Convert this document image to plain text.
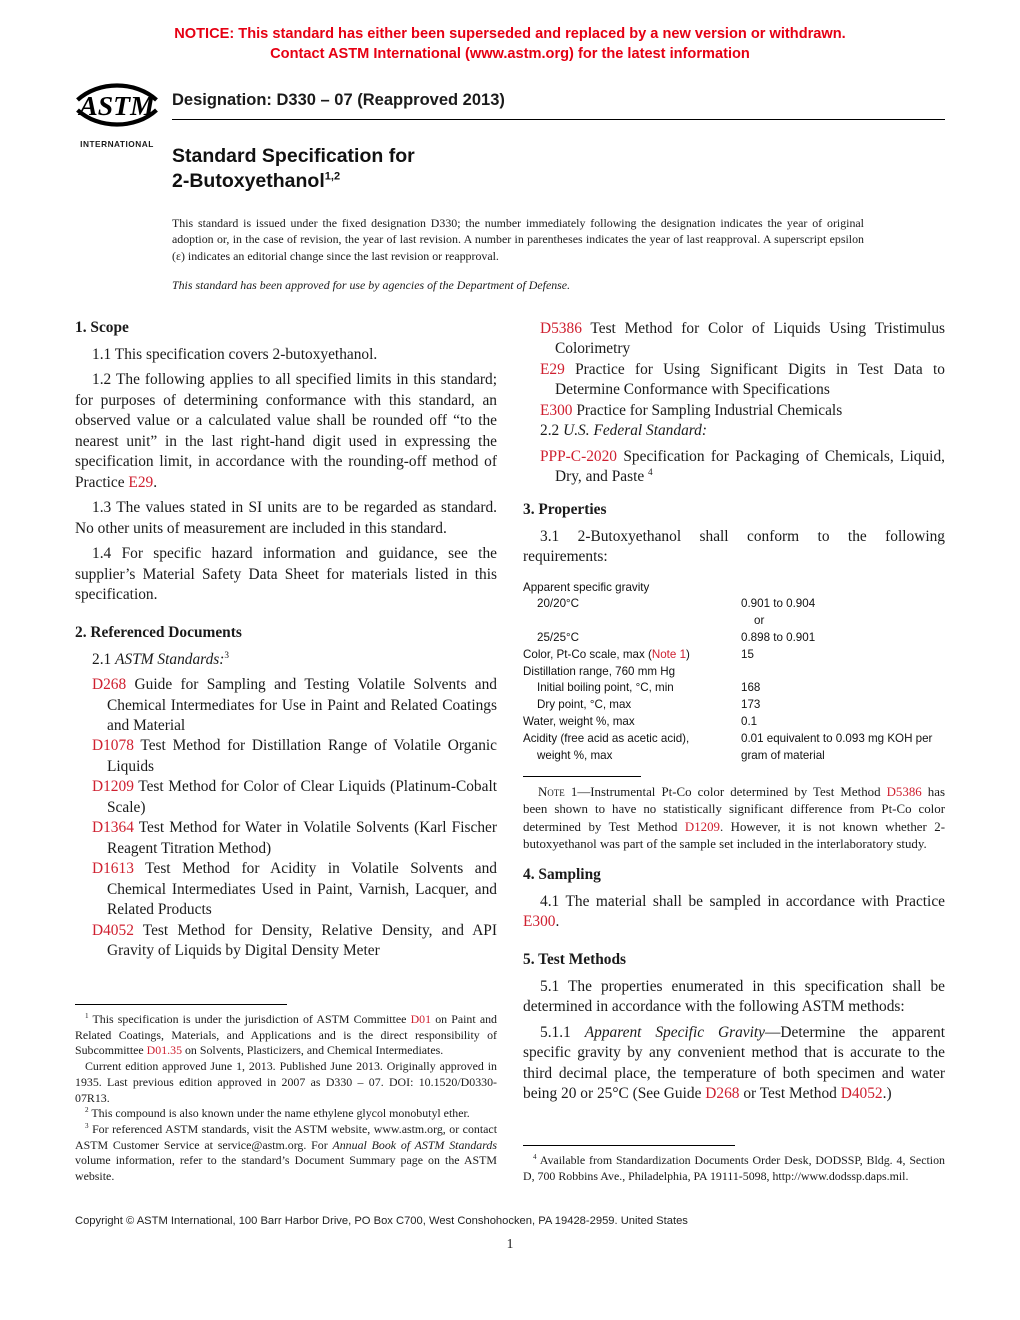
NOTICE: This standard has either been superseded and replaced by a new version or withdrawn.
Contact ASTM International (www.astm.org) for the latest information
ASTM
INTERNATIONAL
Designation: D330 – 07 (Reapproved 2013)
Standard Specification for
2-Butoxyethanol$^{1,2}$

This standard is issued under the fixed designation D330; the number immediately following the designation indicates the year of original adoption or, in the case of revision, the year of last revision. A number in parentheses indicates the year of last reapproval. A superscript epsilon (ε) indicates an editorial change since the last revision or reapproval.

This standard has been approved for use by agencies of the Department of Defense.

1. Scope

1.1 This specification covers 2-butoxyethanol.

1.2 The following applies to all specified limits in this standard; for purposes of determining conformance with this standard, an observed value or a calculated value shall be rounded off “to the nearest unit” in the last right-hand digit used in expressing the specification limit, in accordance with the rounding-off method of Practice E29.

1.3 The values stated in SI units are to be regarded as standard. No other units of measurement are included in this standard.

1.4 For specific hazard information and guidance, see the supplier’s Material Safety Data Sheet for materials listed in this specification.

2. Referenced Documents

2.1 ASTM Standards:$^3$

D268 Guide for Sampling and Testing Volatile Solvents and Chemical Intermediates for Use in Paint and Related Coatings and Material

D1078 Test Method for Distillation Range of Volatile Organic Liquids

D1209 Test Method for Color of Clear Liquids (Platinum-Cobalt Scale)

D1364 Test Method for Water in Volatile Solvents (Karl Fischer Reagent Titration Method)

D1613 Test Method for Acidity in Volatile Solvents and Chemical Intermediates Used in Paint, Varnish, Lacquer, and Related Products

D4052 Test Method for Density, Relative Density, and API Gravity of Liquids by Digital Density Meter

$^1$ This specification is under the jurisdiction of ASTM Committee D01 on Paint and Related Coatings, Materials, and Applications and is the direct responsibility of Subcommittee D01.35 on Solvents, Plasticizers, and Chemical Intermediates.

Current edition approved June 1, 2013. Published June 2013. Originally approved in 1935. Last previous edition approved in 2007 as D330 – 07. DOI: 10.1520/D0330-07R13.

$^2$ This compound is also known under the name ethylene glycol monobutyl ether.

$^3$ For referenced ASTM standards, visit the ASTM website, www.astm.org, or contact ASTM Customer Service at service@astm.org. For Annual Book of ASTM Standards volume information, refer to the standard’s Document Summary page on the ASTM website.

D5386 Test Method for Color of Liquids Using Tristimulus Colorimetry

E29 Practice for Using Significant Digits in Test Data to Determine Conformance with Specifications

E300 Practice for Sampling Industrial Chemicals

2.2 U.S. Federal Standard:

PPP-C-2020 Specification for Packaging of Chemicals, Liquid, Dry, and Paste $^4$

3. Properties

3.1 2-Butoxyethanol shall conform to the following requirements:

Apparent specific gravity
20/20°C	0.901 to 0.904
or
25/25°C	0.898 to 0.901
Color, Pt-Co scale, max (Note 1)	15
Distillation range, 760 mm Hg
Initial boiling point, °C, min	168
Dry point, °C, max	173
Water, weight %, max	0.1
Acidity (free acid as acetic acid),	0.01 equivalent to 0.093 mg KOH per
weight %, max	gram of material

Note 1—Instrumental Pt-Co color determined by Test Method D5386 has been shown to have no statistically significant difference from Pt-Co color determined by Test Method D1209. However, it is not known whether 2-butoxyethanol was part of the sample set included in the interlaboratory study.

4. Sampling

4.1 The material shall be sampled in accordance with Practice E300.

5. Test Methods

5.1 The properties enumerated in this specification shall be determined in accordance with the following ASTM methods:

5.1.1 Apparent Specific Gravity—Determine the apparent specific gravity by any convenient method that is accurate to the third decimal place, the temperature of both specimen and water being 20 or 25°C (See Guide D268 or Test Method D4052.)

$^4$ Available from Standardization Documents Order Desk, DODSSP, Bldg. 4, Section D, 700 Robbins Ave., Philadelphia, PA 19111-5098, http://www.dodssp.daps.mil.

Copyright © ASTM International, 100 Barr Harbor Drive, PO Box C700, West Conshohocken, PA 19428-2959. United States
1
